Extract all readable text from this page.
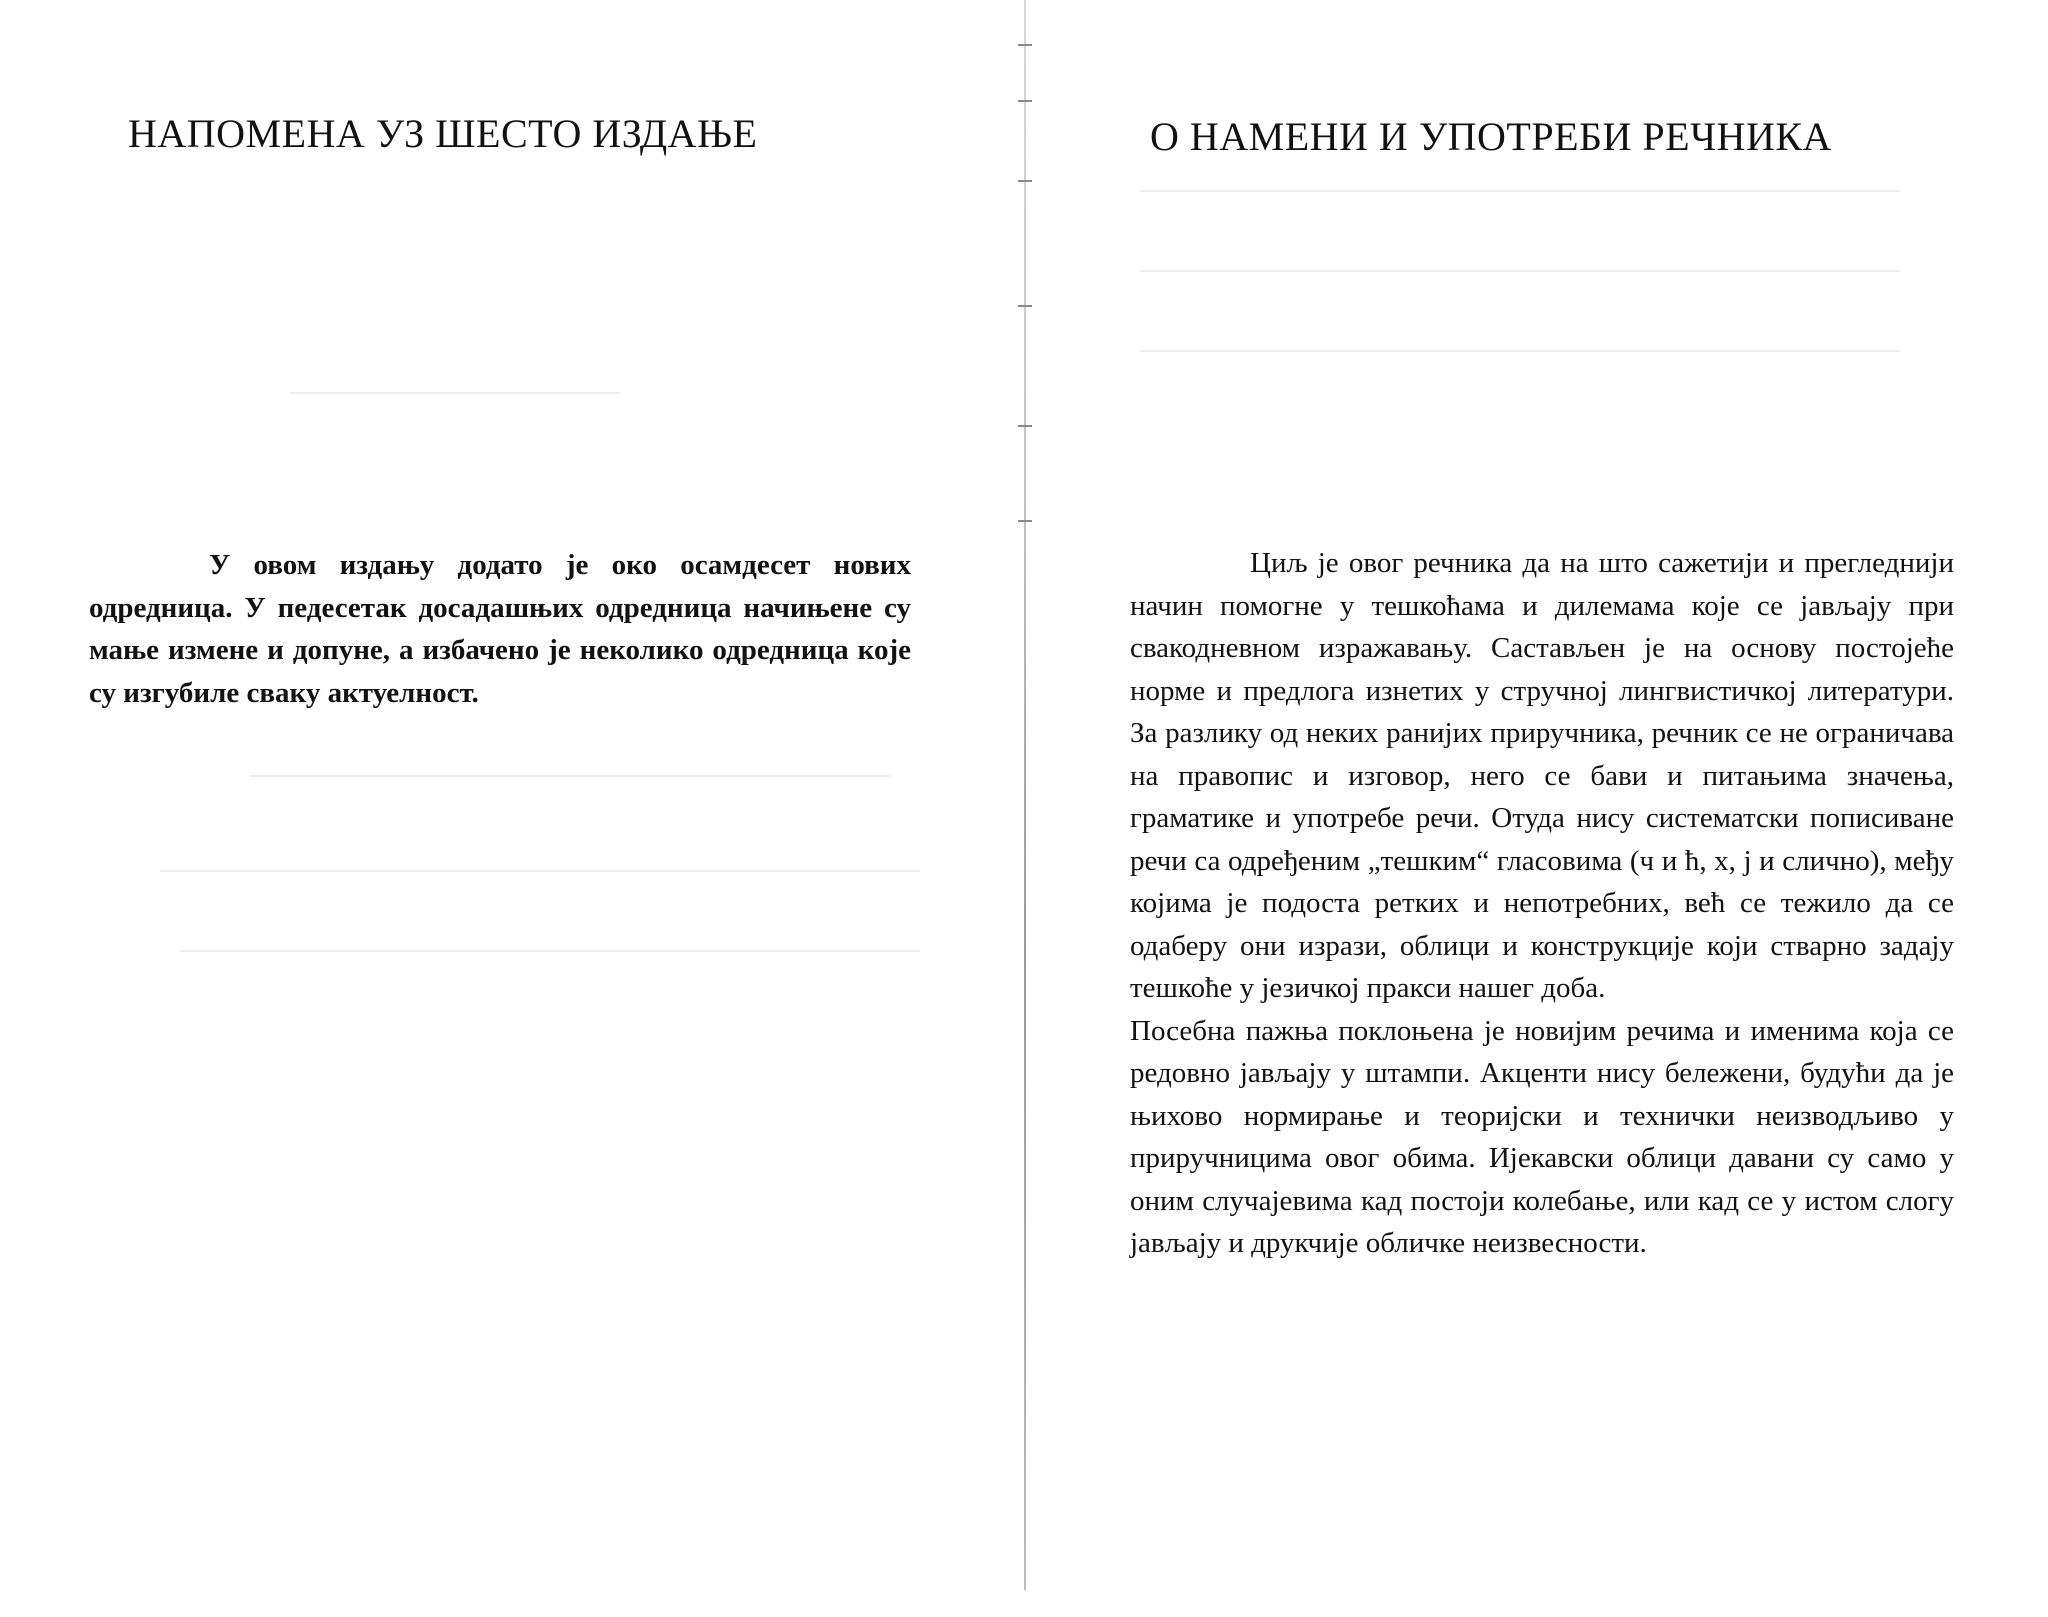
НАПОМЕНА УЗ ШЕСТО ИЗДАЊЕ

У овом издању додато је око осамдесет нових одредница. У педесетак досадашњих одредница начињене су мање измене и допуне, а избачено је неколико одредница које су изгубиле сваку актуелност.

О НАМЕНИ И УПОТРЕБИ РЕЧНИКА

Циљ је овог речника да на што сажетији и прегледнији начин помогне у тешкоћама и дилемама које се јављају при свакодневном изражавању. Састављен је на основу постојеће норме и предлога изнетих у стручној лингвистичкој литератури. За разлику од неких ранијих приручника, речник се не ограничава на правопис и изговор, него се бави и питањима значења, граматике и употребе речи. Отуда нису систематски пописиване речи са одређеним „тешким“ гласовима (ч и ћ, х, ј и слично), међу којима је подоста ретких и непотребних, већ се тежило да се одаберу они изрази, облици и конструкције који стварно задају тешкоће у језичкој пракси нашег доба.

Посебна пажња поклоњена је новијим речима и именима која се редовно јављају у штампи. Акценти нису бележени, будући да је њихово нормирање и теоријски и технички неизводљиво у приручницима овог обима. Ијекавски облици давани су само у оним случајевима кад постоји колебање, или кад се у истом слогу јављају и друкчије обличке неизвесности.
